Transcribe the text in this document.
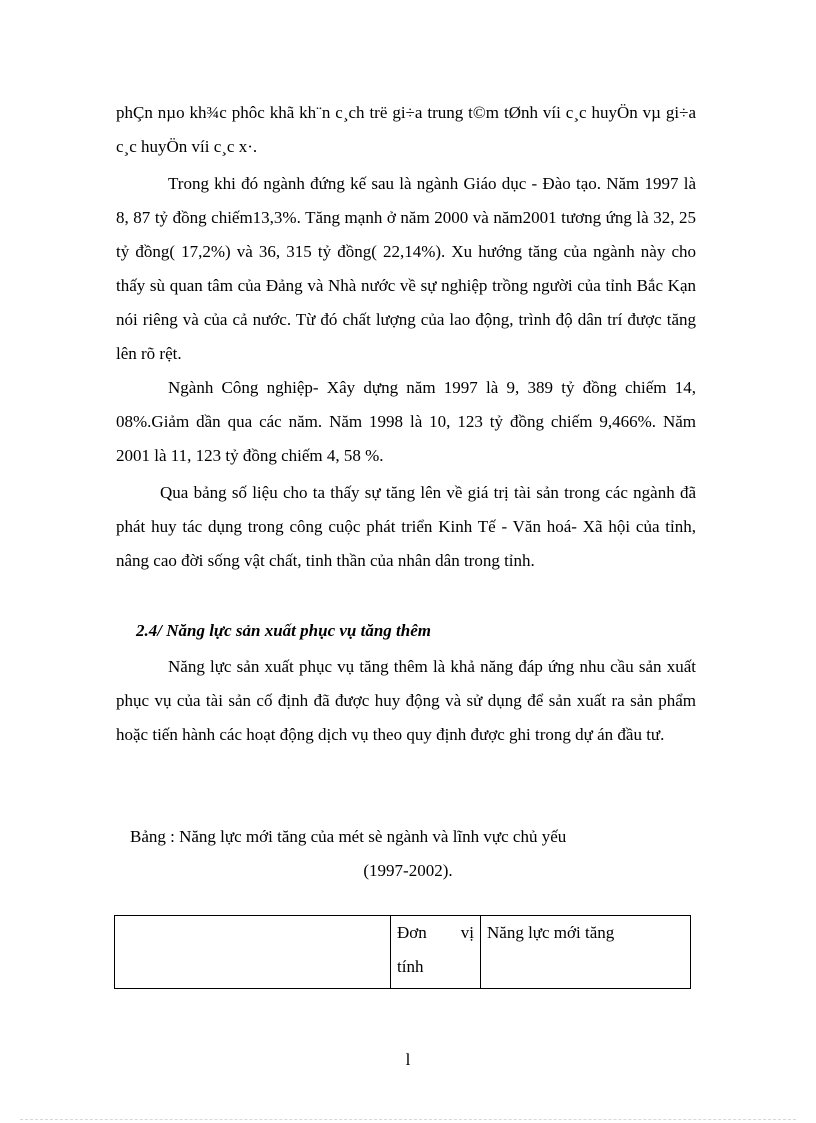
phÇn nµo kh¾c phôc khã kh¨n c¸ch trë gi÷a trung t©m tØnh víi c¸c huyÖn vµ gi÷a c¸c huyÖn víi c¸c x·.

Trong khi đó ngành đứng kế sau là ngành Giáo dục - Đào tạo. Năm 1997 là 8, 87 tỷ đồng chiếm13,3%. Tăng mạnh ở năm 2000 và năm2001 tương ứng là 32, 25 tỷ đồng( 17,2%) và 36, 315 tỷ đồng( 22,14%). Xu hướng tăng của ngành này cho thấy sù quan tâm của Đảng và Nhà nước về sự nghiệp trồng người của tỉnh Bắc Kạn nói riêng và của cả nước. Từ đó chất lượng của lao động, trình độ dân trí được tăng lên rõ rệt.

Ngành Công nghiệp- Xây dựng năm 1997 là 9, 389 tỷ đồng chiếm 14, 08%.Giảm dần qua các năm. Năm 1998 là 10, 123 tỷ đồng chiếm 9,466%. Năm 2001 là 11, 123 tỷ đồng chiếm 4, 58 %.

Qua bảng số liệu cho ta thấy sự tăng lên về giá trị tài sản trong các ngành đã phát huy tác dụng trong công cuộc phát triển Kinh Tế - Văn hoá- Xã hội của tỉnh, nâng cao đời sống vật chất, tinh thần của nhân dân trong tỉnh.

2.4/ Năng lực sản xuất phục vụ tăng thêm

Năng lực sản xuất phục vụ tăng thêm là khả năng đáp ứng nhu cầu sản xuất phục vụ của tài sản cố định đã được huy động và sử dụng để sản xuất ra sản phẩm hoặc tiến hành các hoạt động dịch vụ theo quy định được ghi trong dự án đầu tư.

Bảng : Năng lực mới tăng của mét sè ngành và lĩnh vực chủ yếu
(1997-2002).
	Đơn vị tính	Năng lực mới tăng
l
